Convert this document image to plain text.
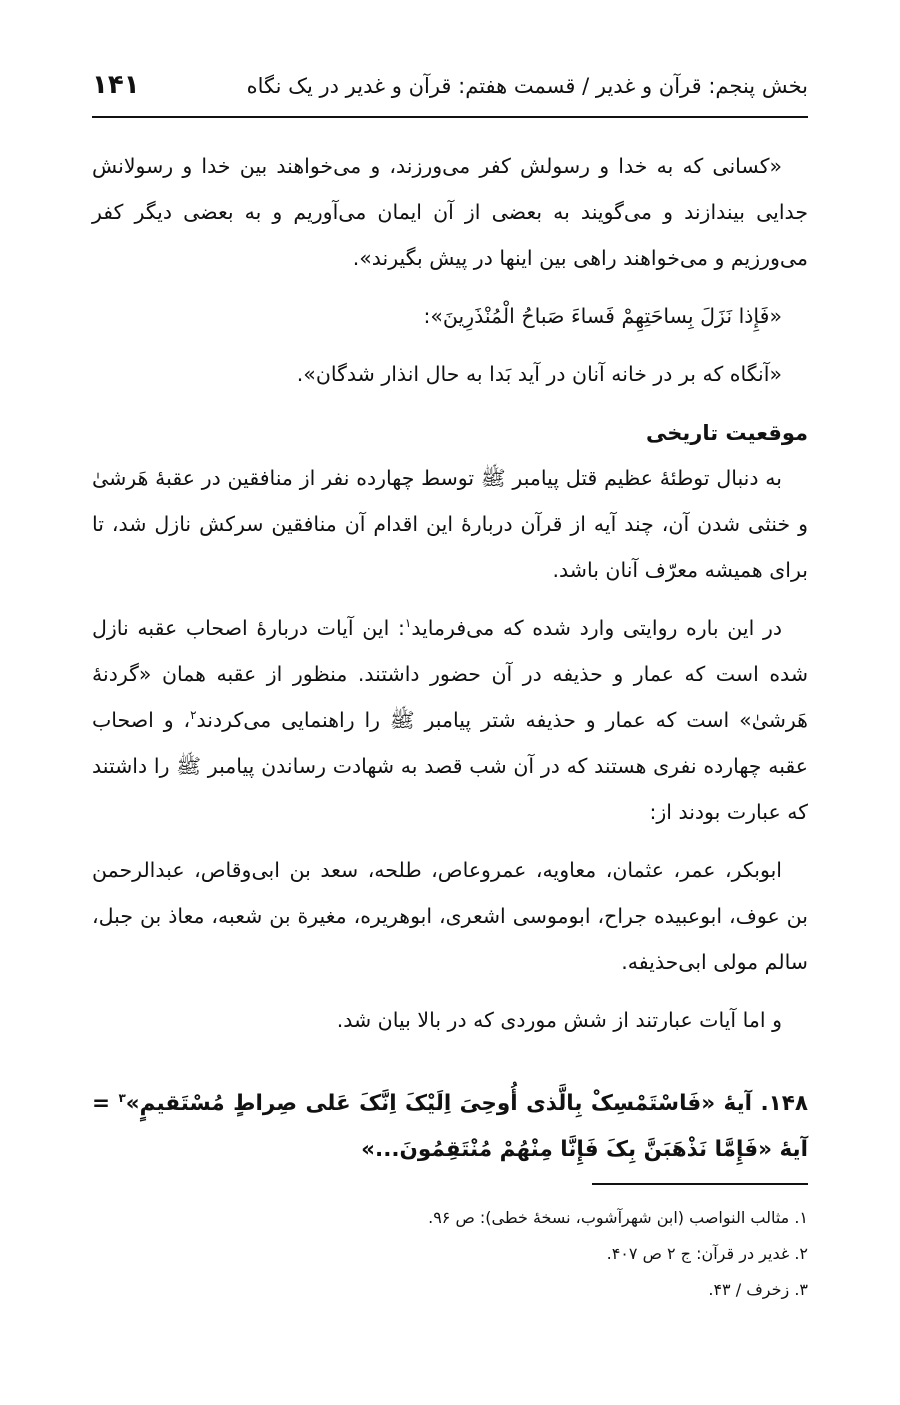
بخش پنجم: قرآن و غدیر / قسمت هفتم: قرآن و غدیر در یک نگاه
۱۴۱

«کسانی که به خدا و رسولش کفر می‌ورزند، و می‌خواهند بین خدا و رسولانش جدایی بیندازند و می‌گویند به بعضی از آن ایمان می‌آوریم و به بعضی دیگر کفر می‌ورزیم و می‌خواهند راهی بین اینها در پیش بگیرند».

«فَإِذا نَزَلَ بِساحَتِهِمْ فَساءَ صَباحُ الْمُنْذَرِينَ»:

«آنگاه که بر در خانه آنان در آید بَدا به حال انذار شدگان».

موقعیت تاریخی

به دنبال توطئهٔ عظیم قتل پیامبر ﷺ توسط چهارده نفر از منافقین در عقبهٔ هَرشیٰ و خنثی شدن آن، چند آیه از قرآن دربارهٔ این اقدام آن منافقین سرکش نازل شد، تا برای همیشه معرّف آنان باشد.

در این باره روایتی وارد شده که می‌فرماید$^۱$: این آیات دربارهٔ اصحاب عقبه نازل شده است که عمار و حذیفه در آن حضور داشتند. منظور از عقبه همان «گردنهٔ هَرشیٰ» است که عمار و حذیفه شتر پیامبر ﷺ را راهنمایی می‌کردند$^۲$، و اصحاب عقبه چهارده نفری هستند که در آن شب قصد به شهادت رساندن پیامبر ﷺ را داشتند که عبارت بودند از:

ابوبکر، عمر، عثمان، معاویه، عمروعاص، طلحه، سعد بن ابی‌وقاص، عبدالرحمن بن عوف، ابوعبیده جراح، ابوموسی اشعری، ابوهریره، مغیرة بن شعبه، معاذ بن جبل، سالم مولی ابی‌حذیفه.

و اما آیات عبارتند از شش موردی که در بالا بیان شد.

۱۴۸. آیهٔ «فَاسْتَمْسِکْ بِالَّذی أُوحِیَ اِلَیْکَ اِنَّکَ عَلی صِراطٍ مُسْتَقیمٍ»$^۳$ = آیهٔ «فَإِمَّا نَذْهَبَنَّ بِکَ فَإِنَّا مِنْهُمْ مُنْتَقِمُونَ...»

۱. مثالب النواصب (ابن شهرآشوب، نسخهٔ خطی): ص ۹۶.
۲. غدیر در قرآن: ج ۲ ص ۴۰۷.
۳. زخرف / ۴۳.
